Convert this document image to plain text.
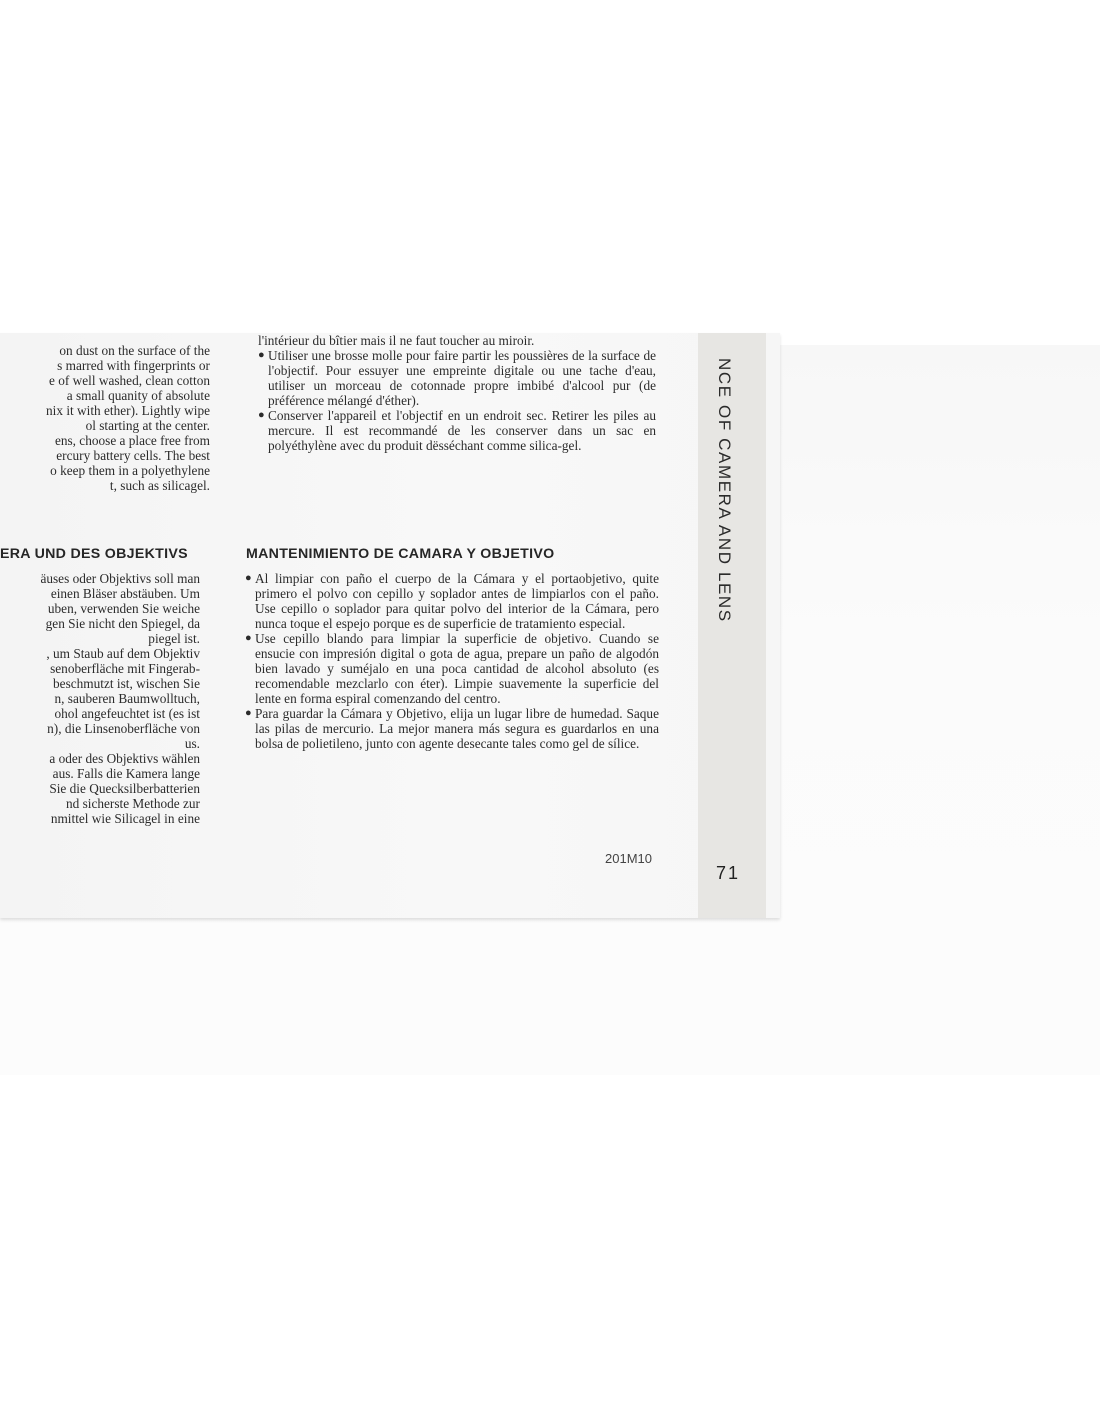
on dust on the surface of the

s marred with fingerprints or

e of well washed, clean cotton

a small quanity of absolute

nix it with ether). Lightly wipe

ol starting at the center.

ens, choose a place free from

ercury battery cells. The best

o keep them in a polyethylene

t, such as silicagel.

l'intérieur du bîtier mais il ne faut toucher au miroir.

● Utiliser une brosse molle pour faire partir les poussières de la surface de l'objectif. Pour essuyer une empreinte digitale ou une tache d'eau, utiliser un morceau de cotonnade propre imbibé d'alcool pur (de préférence mélangé d'éther).
● Conserver l'appareil et l'objectif en un endroit sec. Retirer les piles au mercure. Il est recommandé de les conserver dans un sac en polyéthylène avec du produit dësséchant comme silica-gel.
ERA UND DES OBJEKTIVS

äuses oder Objektivs soll man

einen Bläser abstäuben. Um

uben, verwenden Sie weiche

gen Sie nicht den Spiegel, da

piegel ist.

, um Staub auf dem Objektiv

senoberfläche mit Fingerab-

beschmutzt ist, wischen Sie

n, sauberen Baumwolltuch,

ohol angefeuchtet ist (es ist

n), die Linsenoberfläche von

us.

a oder des Objektivs wählen

aus. Falls die Kamera lange

Sie die Quecksilberbatterien

nd sicherste Methode zur

nmittel wie Silicagel in eine

MANTENIMIENTO DE CAMARA Y OBJETIVO
● Al limpiar con paño el cuerpo de la Cámara y el portaobjetivo, quite primero el polvo con cepillo y soplador antes de limpiarlos con el paño. Use cepillo o soplador para quitar polvo del interior de la Cámara, pero nunca toque el espejo porque es de superficie de tratamiento especial.
● Use cepillo blando para limpiar la superficie de objetivo. Cuando se ensucie con impresión digital o gota de agua, prepare un paño de algodón bien lavado y suméjalo en una poca cantidad de alcohol absoluto (es recomendable mezclarlo con éter). Limpie suavemente la superficie del lente en forma espiral comenzando del centro.
● Para guardar la Cámara y Objetivo, elija un lugar libre de humedad. Saque las pilas de mercurio. La mejor manera más segura es guardarlos en una bolsa de polietileno, junto con agente desecante tales como gel de sílice.
201M10
NCE OF CAMERA AND LENS
71
